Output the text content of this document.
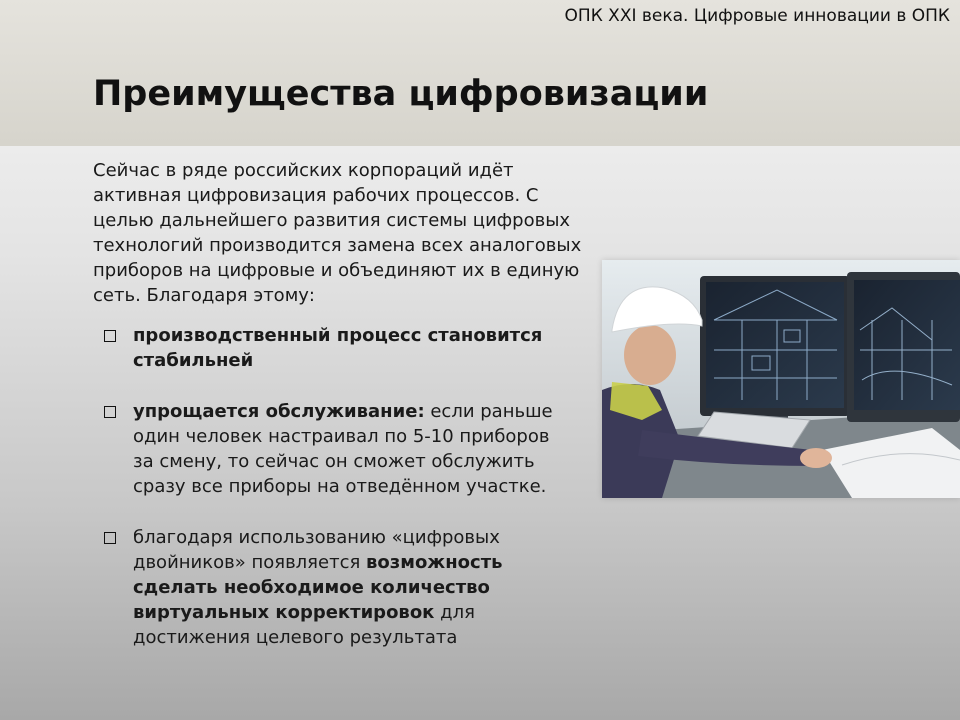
ОПК XXI века. Цифровые инновации в ОПК
Преимущества цифровизации

Сейчас в ряде российских корпораций идёт активная цифровизация рабочих процессов. С целью дальнейшего развития системы цифровых технологий производится замена всех аналоговых приборов на цифровые и объединяют их в единую сеть. Благодаря этому:

производственный процесс становится стабильней
упрощается обслуживание: если раньше один человек настраивал по 5-10 приборов за смену, то сейчас он сможет обслужить сразу все приборы на отведённом участке.
благодаря использованию «цифровых двойников» появляется возможность сделать необходимое количество виртуальных корректировок для достижения целевого результата
